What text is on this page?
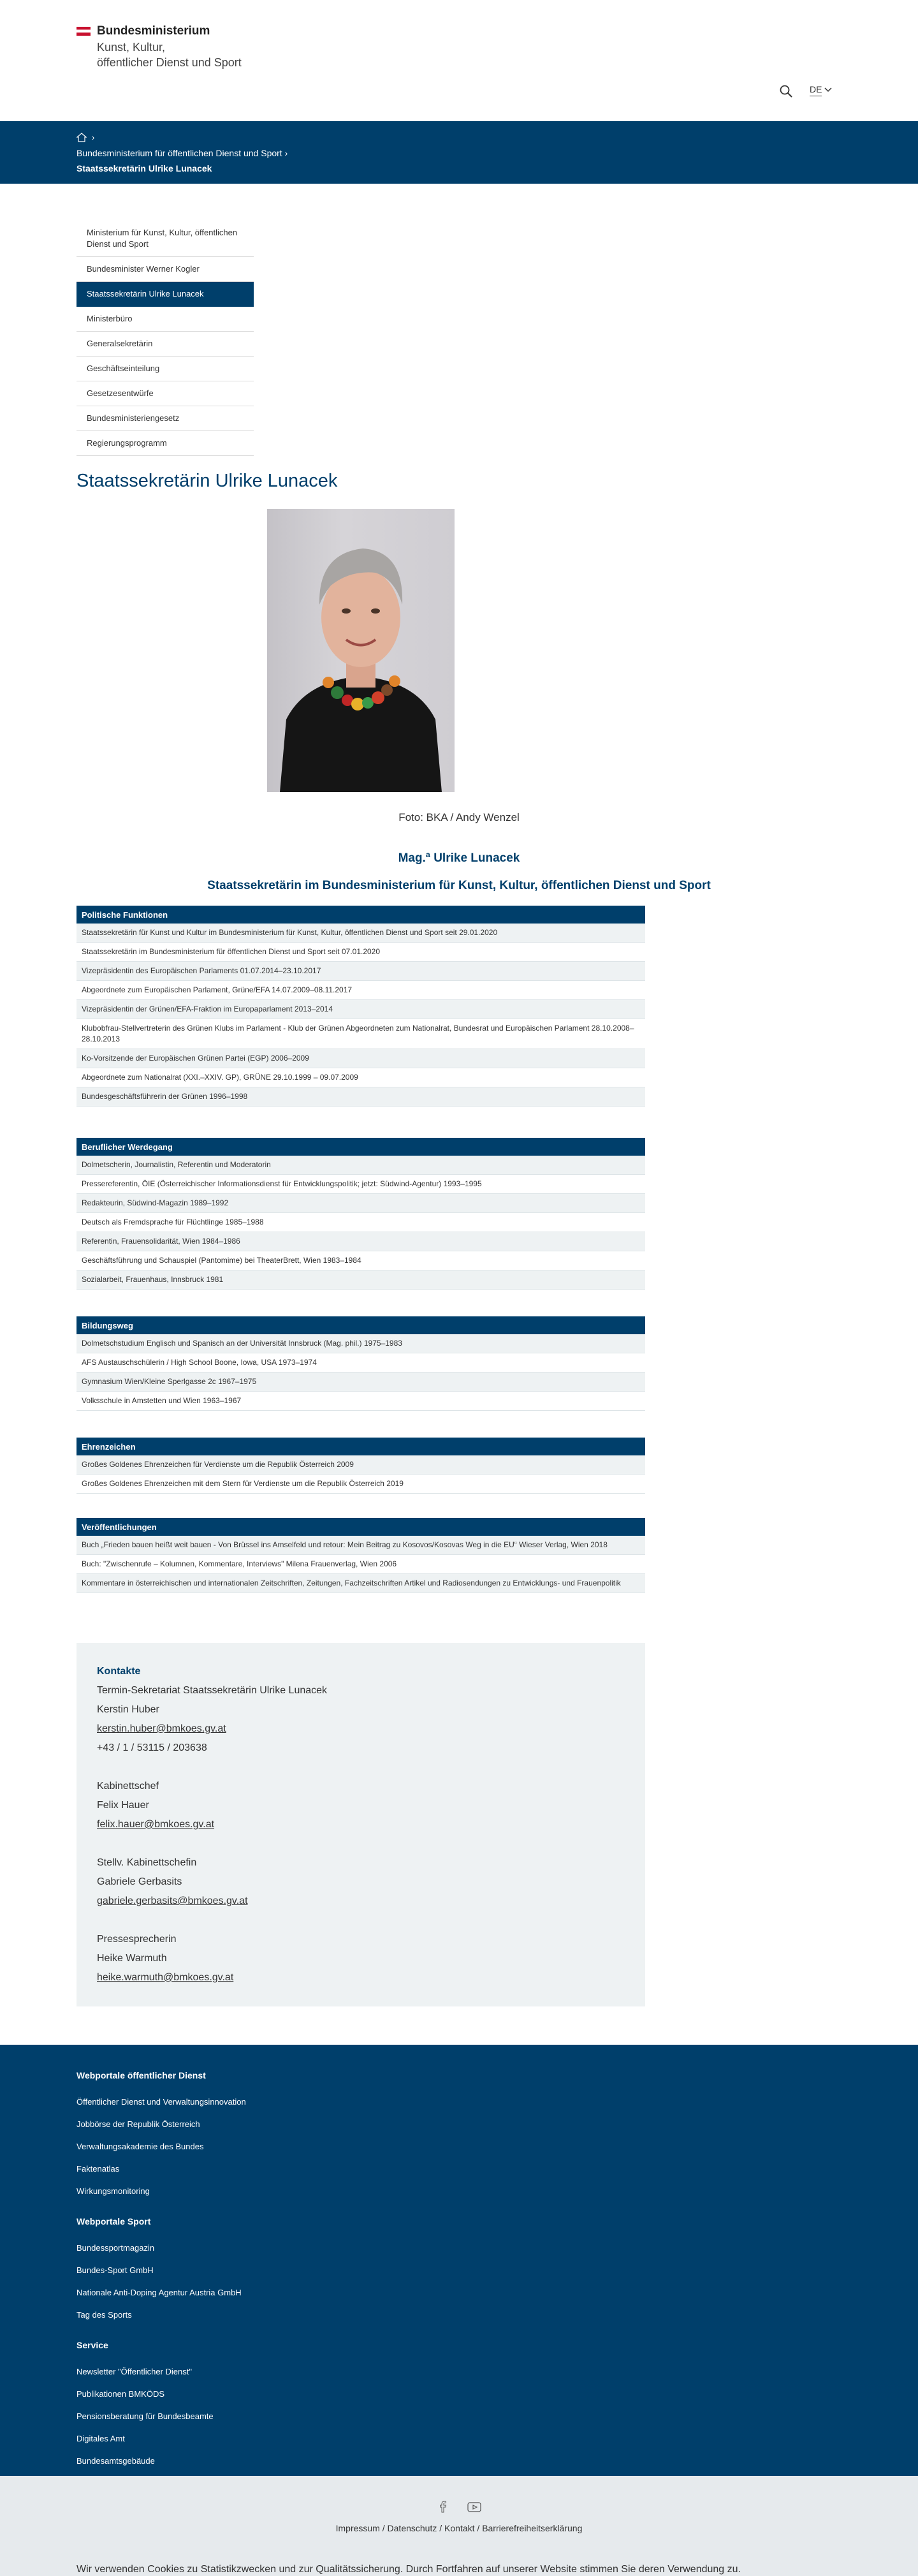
Bundesministerium
Kunst, Kultur,
öffentlicher Dienst und Sport
DE
›
Bundesministerium für öffentlichen Dienst und Sport ›
Staatssekretärin Ulrike Lunacek
Ministerium für Kunst, Kultur, öffentlichen Dienst und Sport
Bundesminister Werner Kogler
Staatssekretärin Ulrike Lunacek
Ministerbüro
Generalsekretärin
Geschäftseinteilung
Gesetzesentwürfe
Bundesministeriengesetz
Regierungsprogramm
Staatssekretärin Ulrike Lunacek
Foto: BKA / Andy Wenzel
Mag.ª Ulrike Lunacek
Staatssekretärin im Bundesministerium für Kunst, Kultur, öffentlichen Dienst und Sport
Politische Funktionen
Staatssekretärin für Kunst und Kultur im Bundesministerium für Kunst, Kultur, öffentlichen Dienst und Sport seit 29.01.2020
Staatssekretärin im Bundesministerium für öffentlichen Dienst und Sport seit 07.01.2020
Vizepräsidentin des Europäischen Parlaments 01.07.2014–23.10.2017
Abgeordnete zum Europäischen Parlament, Grüne/EFA 14.07.2009–08.11.2017
Vizepräsidentin der Grünen/EFA-Fraktion im Europaparlament 2013–2014
Klubobfrau-Stellvertreterin des Grünen Klubs im Parlament - Klub der Grünen Abgeordneten zum Nationalrat, Bundesrat und Europäischen Parlament 28.10.2008–28.10.2013
Ko-Vorsitzende der Europäischen Grünen Partei (EGP) 2006–2009
Abgeordnete zum Nationalrat (XXI.–XXIV. GP), GRÜNE 29.10.1999 – 09.07.2009
Bundesgeschäftsführerin der Grünen 1996–1998
Beruflicher Werdegang
Dolmetscherin, Journalistin, Referentin und Moderatorin
Pressereferentin, ÖIE (Österreichischer Informationsdienst für Entwicklungspolitik; jetzt: Südwind-Agentur) 1993–1995
Redakteurin, Südwind-Magazin 1989–1992
Deutsch als Fremdsprache für Flüchtlinge 1985–1988
Referentin, Frauensolidarität, Wien 1984–1986
Geschäftsführung und Schauspiel (Pantomime) bei TheaterBrett, Wien 1983–1984
Sozialarbeit, Frauenhaus, Innsbruck 1981
Bildungsweg
Dolmetschstudium Englisch und Spanisch an der Universität Innsbruck (Mag. phil.) 1975–1983
AFS Austauschschülerin / High School Boone, Iowa, USA 1973–1974
Gymnasium Wien/Kleine Sperlgasse 2c 1967–1975
Volksschule in Amstetten und Wien 1963–1967
Ehrenzeichen
Großes Goldenes Ehrenzeichen für Verdienste um die Republik Österreich 2009
Großes Goldenes Ehrenzeichen mit dem Stern für Verdienste um die Republik Österreich 2019
Veröffentlichungen
Buch „Frieden bauen heißt weit bauen - Von Brüssel ins Amselfeld und retour: Mein Beitrag zu Kosovos/Kosovas Weg in die EU“ Wieser Verlag, Wien 2018
Buch: "Zwischenrufe – Kolumnen, Kommentare, Interviews" Milena Frauenverlag, Wien 2006
Kommentare in österreichischen und internationalen Zeitschriften, Zeitungen, Fachzeitschriften Artikel und Radiosendungen zu Entwicklungs- und Frauenpolitik
Kontakte
Termin-Sekretariat Staatssekretärin Ulrike Lunacek
Kerstin Huber
kerstin.huber@bmkoes.gv.at
+43 / 1 / 53115 / 203638
Kabinettschef
Felix Hauer
felix.hauer@bmkoes.gv.at
Stellv. Kabinettschefin
Gabriele Gerbasits
gabriele.gerbasits@bmkoes.gv.at
Pressesprecherin
Heike Warmuth
heike.warmuth@bmkoes.gv.at
Webportale öffentlicher Dienst
Öffentlicher Dienst und Verwaltungsinnovation
Jobbörse der Republik Österreich
Verwaltungsakademie des Bundes
Faktenatlas
Wirkungsmonitoring
Webportale Sport
Bundessportmagazin
Bundes-Sport GmbH
Nationale Anti-Doping Agentur Austria GmbH
Tag des Sports
Service
Newsletter "Öffentlicher Dienst"
Publikationen BMKÖDS
Pensionsberatung für Bundesbeamte
Digitales Amt
Bundesamtsgebäude

Impressum / Datenschutz / Kontakt / Barrierefreiheitserklärung
Wir verwenden Cookies zu Statistikzwecken und zur Qualitätssicherung. Durch Fortfahren auf unserer Website stimmen Sie deren Verwendung zu.
